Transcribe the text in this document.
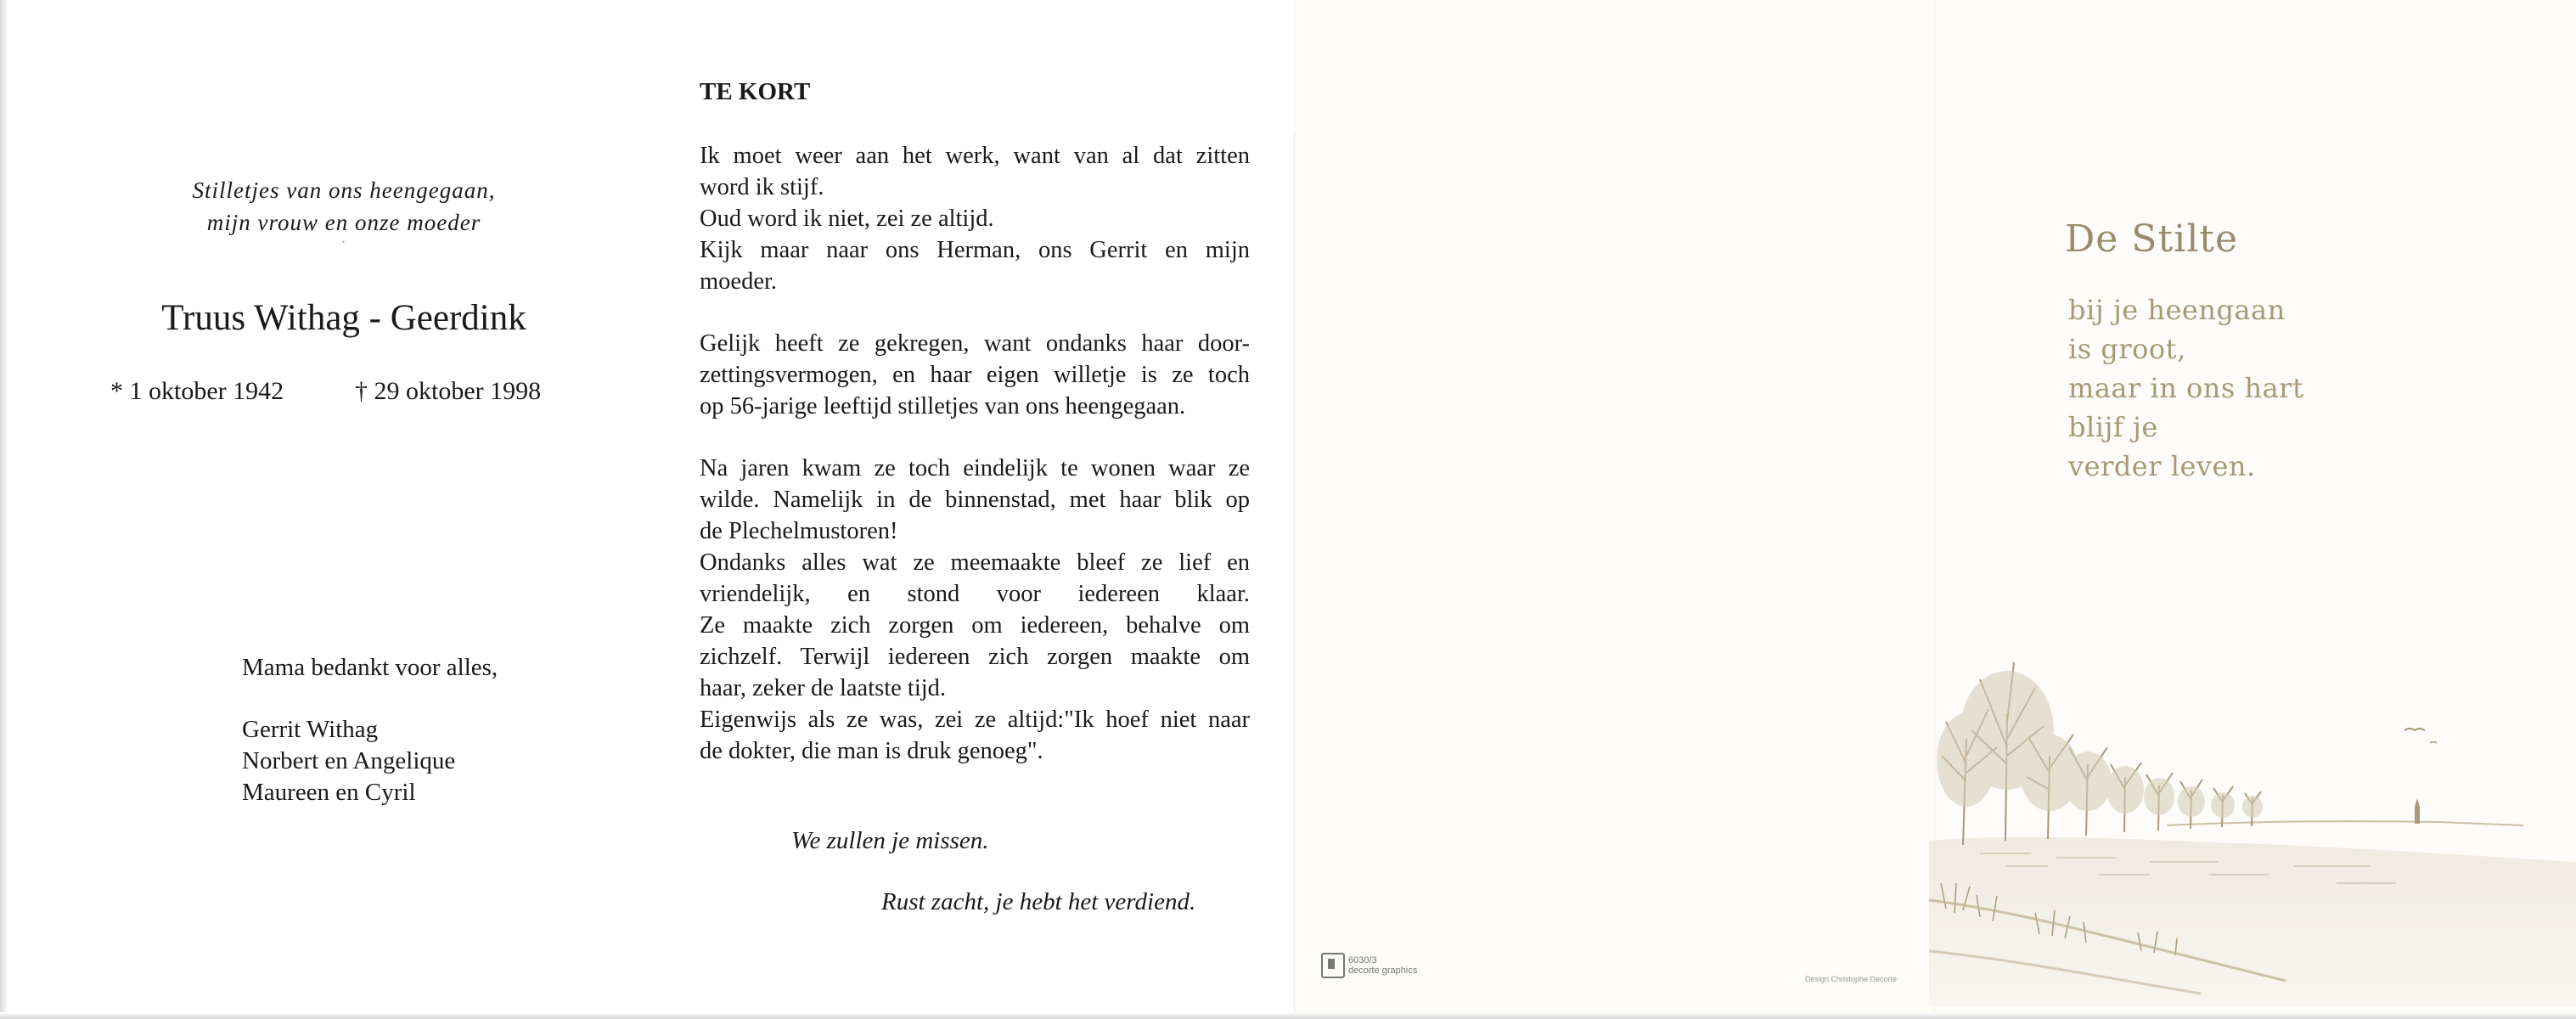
Stilletjes van ons heengegaan,
mijn vrouw en onze moeder
·
Truus Withag - Geerdink
* 1 oktober 1942	† 29 oktober 1998

Mama bedankt voor alles,

Gerrit Withag

Norbert en Angelique

Maureen en Cyril

TE KORT
Ik moet weer aan het werk, want van al dat zitten
word ik stijf.
Oud word ik niet, zei ze altijd.
Kijk maar naar ons Herman, ons Gerrit en mijn
moeder.
Gelijk heeft ze gekregen, want ondanks haar door-
zettingsvermogen, en haar eigen willetje is ze toch
op 56-jarige leeftijd stilletjes van ons heengegaan.
Na jaren kwam ze toch eindelijk te wonen waar ze
wilde. Namelijk in de binnenstad, met haar blik op
de Plechelmustoren!
Ondanks alles wat ze meemaakte bleef ze lief en
vriendelijk, en stond voor iedereen klaar.
Ze maakte zich zorgen om iedereen, behalve om
zichzelf. Terwijl iedereen zich zorgen maakte om
haar, zeker de laatste tijd.
Eigenwijs als ze was, zei ze altijd:"Ik hoef niet naar
de dokter, die man is druk genoeg".
We zullen je missen.
Rust zacht, je hebt het verdiend.
De Stilte
bij je heengaan
is groot,
maar in ons hart
blijf je
verder leven.
6030/3
decorte graphics
Design Christophe Decorte
